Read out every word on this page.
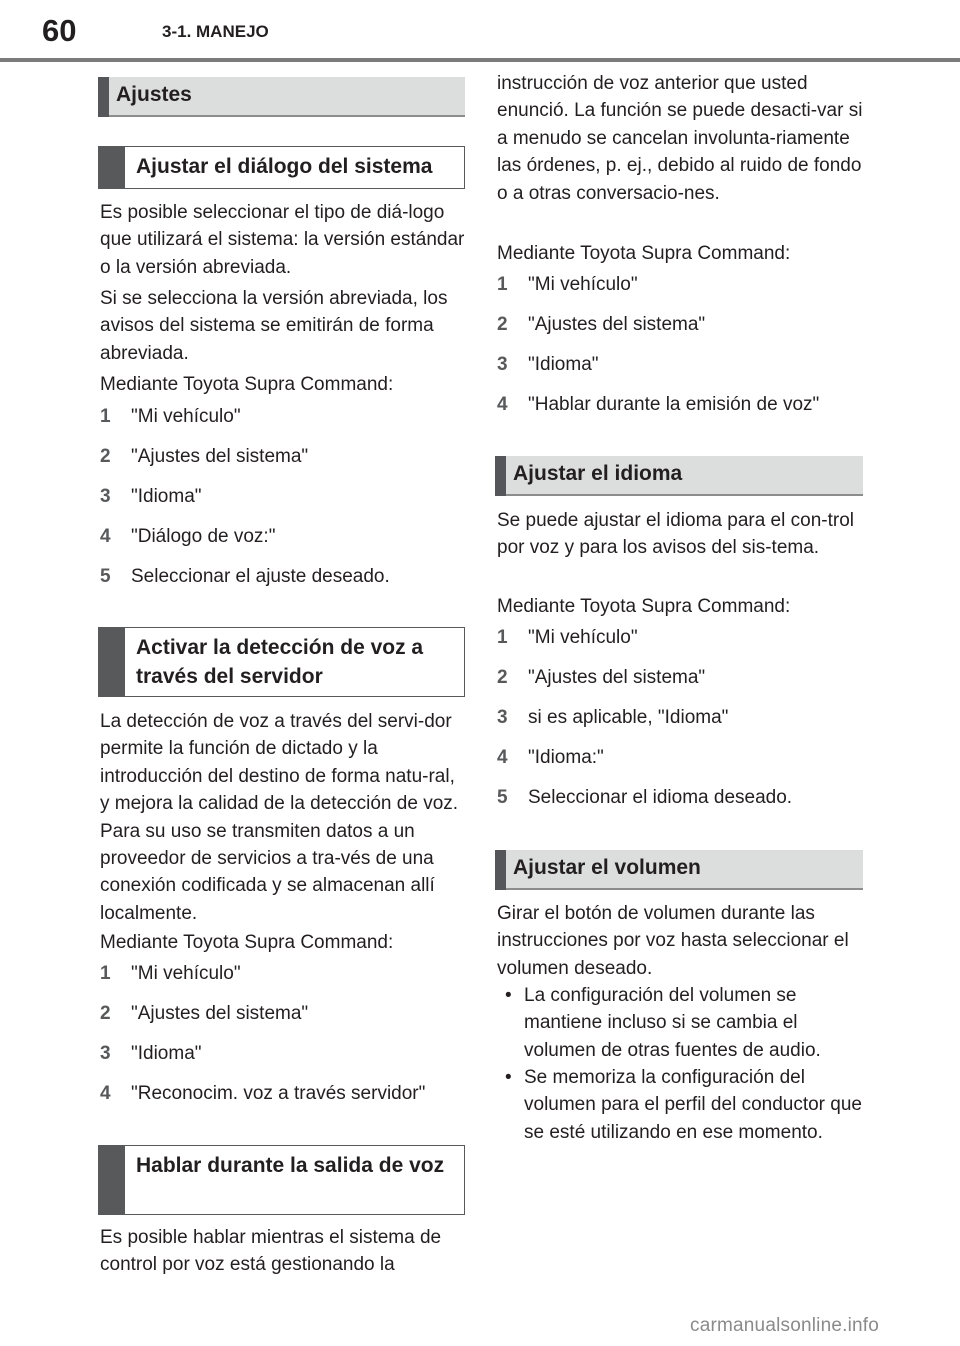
60	3-1. MANEJO
Ajustes
Ajustar el diálogo del sistema

Es posible seleccionar el tipo de diá-logo que utilizará el sistema: la versión estándar o la versión abreviada.

Si se selecciona la versión abreviada, los avisos del sistema se emitirán de forma abreviada.

Mediante Toyota Supra Command:

1 "Mi vehículo"
2 "Ajustes del sistema"
3 "Idioma"
4 "Diálogo de voz:"
5 Seleccionar el ajuste deseado.
Activar la detección de voz a través del servidor

La detección de voz a través del servi-dor permite la función de dictado y la introducción del destino de forma natu-ral, y mejora la calidad de la detección de voz. Para su uso se transmiten datos a un proveedor de servicios a tra-vés de una conexión codificada y se almacenan allí localmente.

Mediante Toyota Supra Command:

1 "Mi vehículo"
2 "Ajustes del sistema"
3 "Idioma"
4 "Reconocim. voz a través servidor"
Hablar durante la salida de voz

Es posible hablar mientras el sistema de control por voz está gestionando la

instrucción de voz anterior que usted enunció. La función se puede desacti-var si a menudo se cancelan involunta-riamente las órdenes, p. ej., debido al ruido de fondo o a otras conversacio-nes.

Mediante Toyota Supra Command:

1 "Mi vehículo"
2 "Ajustes del sistema"
3 "Idioma"
4 "Hablar durante la emisión de voz"
Ajustar el idioma

Se puede ajustar el idioma para el con-trol por voz y para los avisos del sis-tema.

Mediante Toyota Supra Command:

1 "Mi vehículo"
2 "Ajustes del sistema"
3 si es aplicable, "Idioma"
4 "Idioma:"
5 Seleccionar el idioma deseado.
Ajustar el volumen

Girar el botón de volumen durante las instrucciones por voz hasta seleccionar el volumen deseado.

• La configuración del volumen se mantiene incluso si se cambia el volumen de otras fuentes de audio.
• Se memoriza la configuración del volumen para el perfil del conductor que se esté utilizando en ese momento.
carmanualsonline.info
